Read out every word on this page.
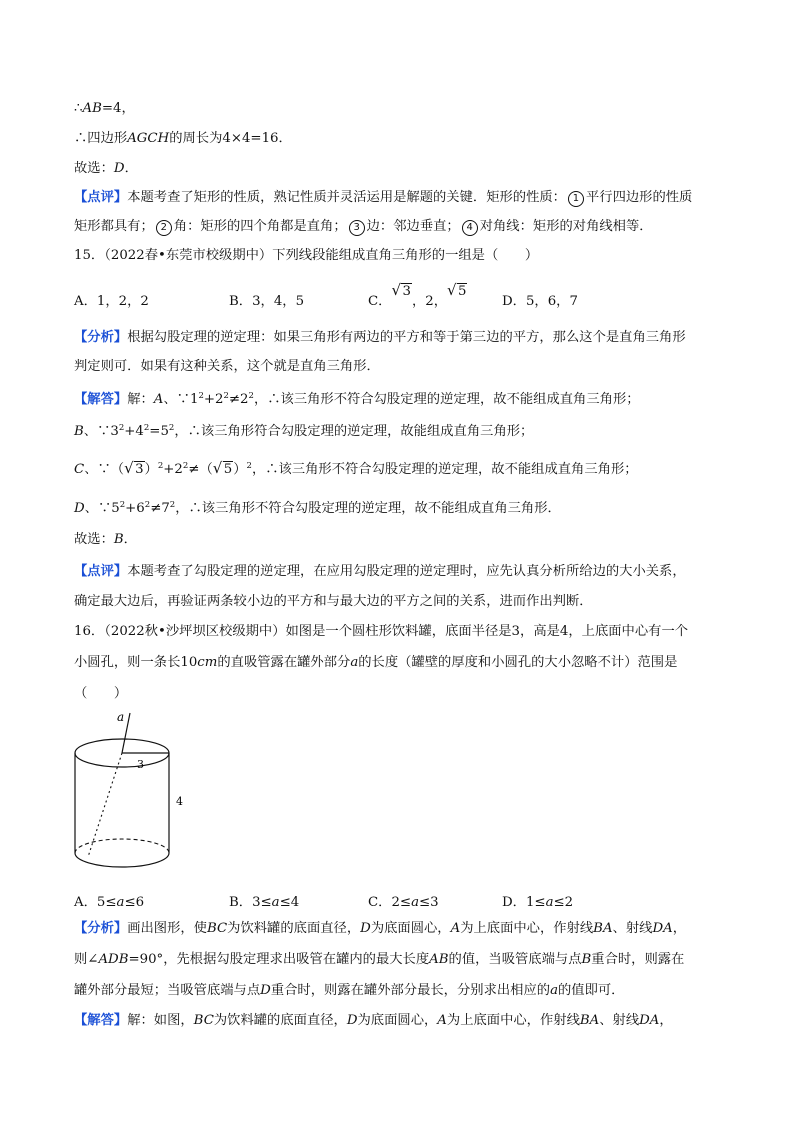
∴AB=4，
∴四边形AGCH的周长为4×4=16．
故选：D．
【点评】本题考查了矩形的性质，熟记性质并灵活运用是解题的关键．矩形的性质： 1 平行四边形的性质
矩形都具有； 2 角：矩形的四个角都是直角； 3 边：邻边垂直； 4 对角线：矩形的对角线相等．
15．（2022春•东莞市校级期中）下列线段能组成直角三角形的一组是（　　）
A．1，2，2	B．3，4，5	C．
√ 3，2，
√ 5
D．5，6，7
【分析】根据勾股定理的逆定理：如果三角形有两边的平方和等于第三边的平方，那么这个是直角三角形
判定则可．如果有这种关系，这个就是直角三角形．
【解答】解：A、$\because 1^2+2^2\ne 2^2$，∴该三角形不符合勾股定理的逆定理，故不能组成直角三角形；
B、$\because 3^2+4^2=5^2$，∴该三角形符合勾股定理的逆定理，故能组成直角三角形；
C、∵（ √ $3)^2+2^2\ne$（ √ 5）$^2$，∴该三角形不符合勾股定理的逆定理，故不能组成直角三角形；
D、$\because 5^2+6^2\ne 7^2$，∴该三角形不符合勾股定理的逆定理，故不能组成直角三角形．
故选：B．
【点评】本题考查了勾股定理的逆定理，在应用勾股定理的逆定理时，应先认真分析所给边的大小关系，
确定最大边后，再验证两条较小边的平方和与最大边的平方之间的关系，进而作出判断．
16．（2022秋•沙坪坝区校级期中）如图是一个圆柱形饮料罐，底面半径是3，高是4，上底面中心有一个
小圆孔，则一条长10cm的直吸管露在罐外部分a的长度（罐壁的厚度和小圆孔的大小忽略不计）范围是
（　　）
a
3
4
A．5≤a≤6	B．3≤a≤4	C．2≤a≤3	D．1≤a≤2
【分析】画出图形，使BC为饮料罐的底面直径，D为底面圆心，A为上底面中心，作射线BA、射线DA，
则∠ADB=90°，先根据勾股定理求出吸管在罐内的最大长度AB的值，当吸管底端与点B重合时，则露在
罐外部分最短；当吸管底端与点D重合时，则露在罐外部分最长，分别求出相应的a的值即可．
【解答】解：如图，BC为饮料罐的底面直径，D为底面圆心，A为上底面中心，作射线BA、射线DA，
